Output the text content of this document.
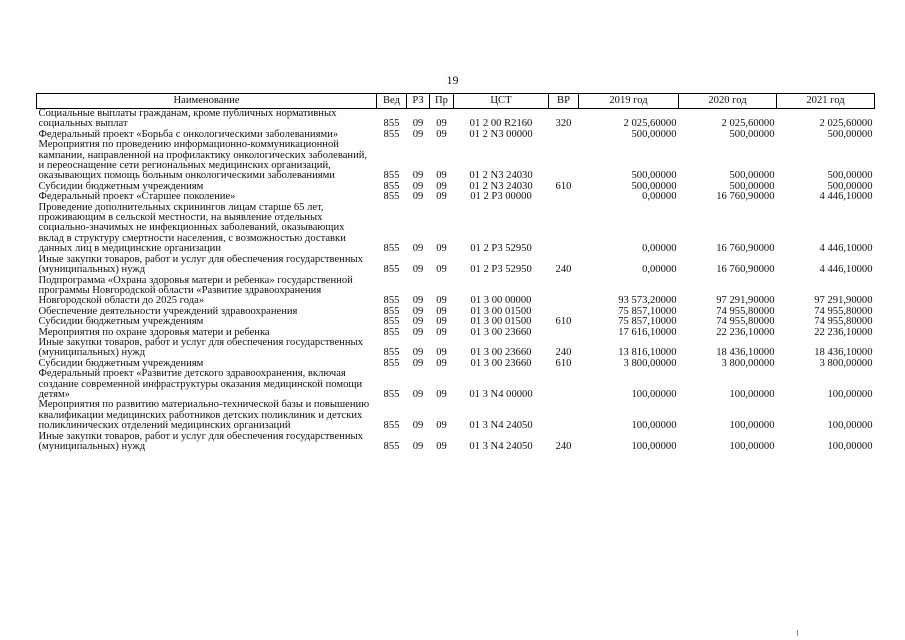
19
Наименование	Вед	РЗ	Пр	ЦСТ	ВР	2019 год	2020 год	2021 год
Социальные выплаты гражданам, кроме публичных нормативных социальных выплат	855	09	09	01 2 00 R2160	320	2 025,60000	2 025,60000	2 025,60000
Федеральный проект «Борьба с онкологическими заболеваниями»	855	09	09	01 2 N3 00000		500,00000	500,00000	500,00000
Мероприятия по проведению информационно-коммуникационной кампании, направленной на профилактику онкологических заболеваний, и переоснащение сети региональных медицинских организаций, оказывающих помощь больным онкологическими заболеваниями	855	09	09	01 2 N3 24030		500,00000	500,00000	500,00000
Субсидии бюджетным учреждениям	855	09	09	01 2 N3 24030	610	500,00000	500,00000	500,00000
Федеральный проект «Старшее поколение»	855	09	09	01 2 P3 00000		0,00000	16 760,90000	4 446,10000
Проведение дополнительных скринингов лицам старше 65 лет, проживающим в сельской местности, на выявление отдельных социально-значимых не инфекционных заболеваний, оказывающих вклад в структуру смертности населения, с возможностью доставки данных лиц в медицинские организации	855	09	09	01 2 P3 52950		0,00000	16 760,90000	4 446,10000
Иные закупки товаров, работ и услуг для обеспечения государственных (муниципальных) нужд	855	09	09	01 2 P3 52950	240	0,00000	16 760,90000	4 446,10000
Подпрограмма «Охрана здоровья матери и ребенка» государственной программы Новгородской области «Развитие здравоохранения Новгородской области до 2025 года»	855	09	09	01 3 00 00000		93 573,20000	97 291,90000	97 291,90000
Обеспечение деятельности учреждений здравоохранения	855	09	09	01 3 00 01500		75 857,10000	74 955,80000	74 955,80000
Субсидии бюджетным учреждениям	855	09	09	01 3 00 01500	610	75 857,10000	74 955,80000	74 955,80000
Мероприятия по охране здоровья матери и ребенка	855	09	09	01 3 00 23660		17 616,10000	22 236,10000	22 236,10000
Иные закупки товаров, работ и услуг для обеспечения государственных (муниципальных) нужд	855	09	09	01 3 00 23660	240	13 816,10000	18 436,10000	18 436,10000
Субсидии бюджетным учреждениям	855	09	09	01 3 00 23660	610	3 800,00000	3 800,00000	3 800,00000
Федеральный проект «Развитие детского здравоохранения, включая создание современной инфраструктуры оказания медицинской помощи детям»	855	09	09	01 3 N4 00000		100,00000	100,00000	100,00000
Мероприятия по развитию материально-технической базы и повышению квалификации медицинских работников детских поликлиник и детских поликлинических отделений медицинских организаций	855	09	09	01 3 N4 24050		100,00000	100,00000	100,00000
Иные закупки товаров, работ и услуг для обеспечения государственных (муниципальных) нужд	855	09	09	01 3 N4 24050	240	100,00000	100,00000	100,00000
